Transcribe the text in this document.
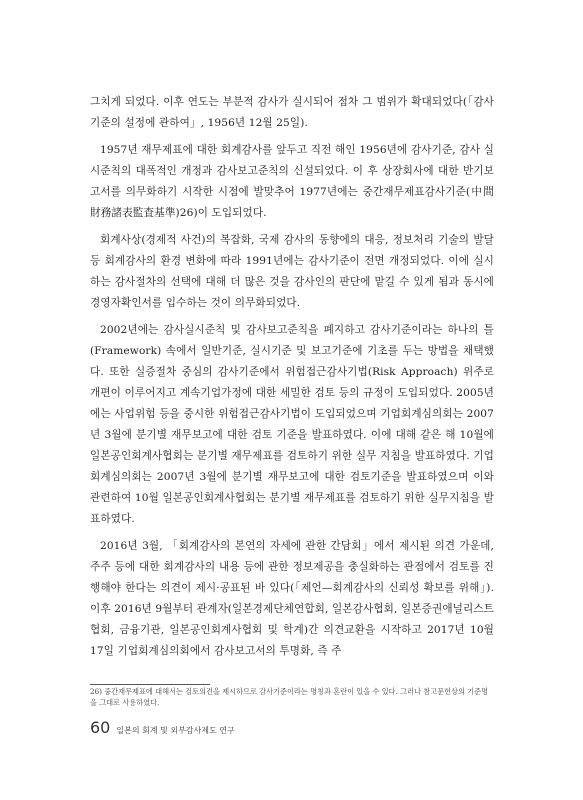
그치게 되었다. 이후 연도는 부분적 감사가 실시되어 점차 그 범위가 확대되었다(「감사기준의 설정에 관하여」, 1956년 12월 25일).

1957년 재무제표에 대한 회계감사를 앞두고 직전 해인 1956년에 감사기준, 감사 실시준칙의 대폭적인 개정과 감사보고준칙의 신설되었다. 이 후 상장회사에 대한 반기보고서를 의무화하기 시작한 시점에 발맞추어 1977년에는 중간재무제표감사기준(中間財務諸表監査基準)26)이 도입되었다.

회계사상(경제적 사건)의 복잡화, 국제 감사의 동향에의 대응, 정보처리 기술의 발달 등 회계감사의 환경 변화에 따라 1991년에는 감사기준이 전면 개정되었다. 이에 실시하는 감사절차의 선택에 대해 더 많은 것을 감사인의 판단에 맡길 수 있게 됨과 동시에 경영자확인서를 입수하는 것이 의무화되었다.

2002년에는 감사실시준칙 및 감사보고준칙을 폐지하고 감사기준이라는 하나의 틀(Framework) 속에서 일반기준, 실시기준 및 보고기준에 기초를 두는 방법을 채택했다. 또한 실증절차 중심의 감사기준에서 위험접근감사기법(Risk Approach) 위주로 개편이 이루어지고 계속기업가정에 대한 세밀한 검토 등의 규정이 도입되었다. 2005년에는 사업위험 등을 중시한 위험접근감사기법이 도입되었으며 기업회계심의회는 2007년 3월에 분기별 재무보고에 대한 검토 기준을 발표하였다. 이에 대해 같은 해 10월에 일본공인회계사협회는 분기별 재무제표를 검토하기 위한 실무 지침을 발표하였다. 기업회계심의회는 2007년 3월에 분기별 재무보고에 대한 검토기준을 발표하였으며 이와 관련하여 10월 일본공인회계사협회는 분기별 재무제표를 검토하기 위한 실무지침을 발표하였다.

2016년 3월, 「회계감사의 본연의 자세에 관한 간담회」에서 제시된 의견 가운데, 주주 등에 대한 회계감사의 내용 등에 관한 정보제공을 충실화하는 관점에서 검토를 진행해야 한다는 의견이 제시·공표된 바 있다(「제언—회계감사의 신뢰성 확보를 위해」). 이후 2016년 9월부터 관계자(일본경제단체연합회, 일본감사협회, 일본증권애널리스트협회, 금융기관, 일본공인회계사협회 및 학계)간 의견교환을 시작하고 2017년 10월 17일 기업회계심의회에서 감사보고서의 투명화, 즉 주

26) 중간재무제표에 대해서는 검토의견을 제시하므로 감사기준이라는 명칭과 혼란이 있을 수 있다. 그러나 참고문헌상의 기준명을 그대로 사용하였다.

60 일본의 회계 및 외부감사제도 연구
